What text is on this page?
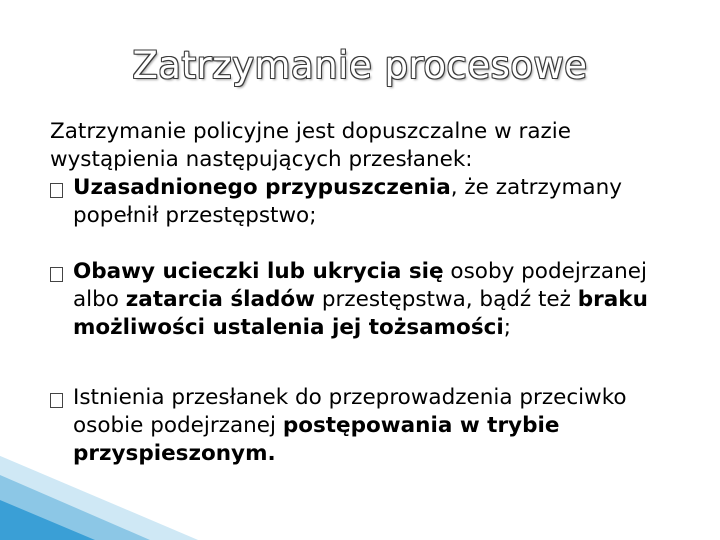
Zatrzymanie procesowe

Zatrzymanie policyjne jest dopuszczalne w razie wystąpienia następujących przesłanek:

Uzasadnionego przypuszczenia, że zatrzymany popełnił przestępstwo;

Obawy ucieczki lub ukrycia się osoby podejrzanej albo zatarcia śladów przestępstwa, bądź też braku możliwości ustalenia jej tożsamości;

Istnienia przesłanek do przeprowadzenia przeciwko osobie podejrzanej postępowania w trybie przyspieszonym.
